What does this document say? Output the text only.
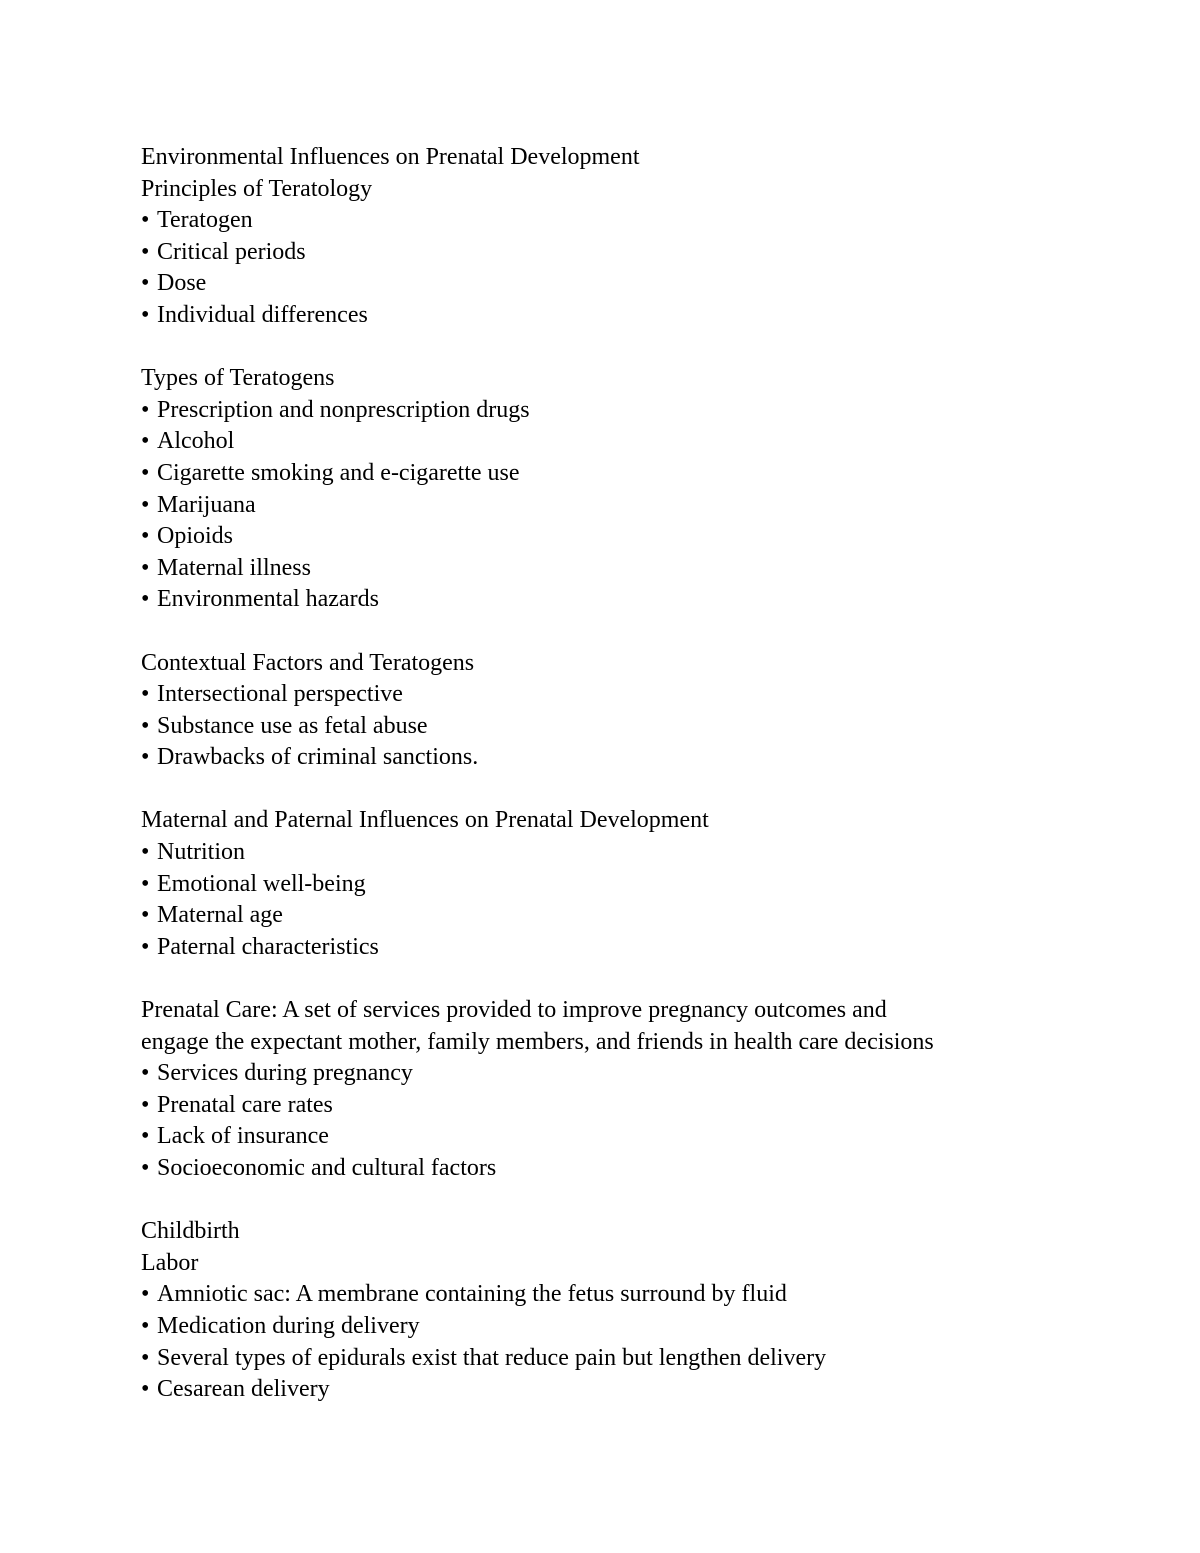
Environmental Influences on Prenatal Development
Principles of Teratology
• Teratogen
• Critical periods
• Dose
• Individual differences
Types of Teratogens
• Prescription and nonprescription drugs
• Alcohol
• Cigarette smoking and e-cigarette use
• Marijuana
• Opioids
• Maternal illness
• Environmental hazards
Contextual Factors and Teratogens
• Intersectional perspective
• Substance use as fetal abuse
• Drawbacks of criminal sanctions.
Maternal and Paternal Influences on Prenatal Development
• Nutrition
• Emotional well-being
• Maternal age
• Paternal characteristics
Prenatal Care: A set of services provided to improve pregnancy outcomes and
engage the expectant mother, family members, and friends in health care decisions
• Services during pregnancy
• Prenatal care rates
• Lack of insurance
• Socioeconomic and cultural factors
Childbirth
Labor
• Amniotic sac: A membrane containing the fetus surround by fluid
• Medication during delivery
• Several types of epidurals exist that reduce pain but lengthen delivery
• Cesarean delivery
